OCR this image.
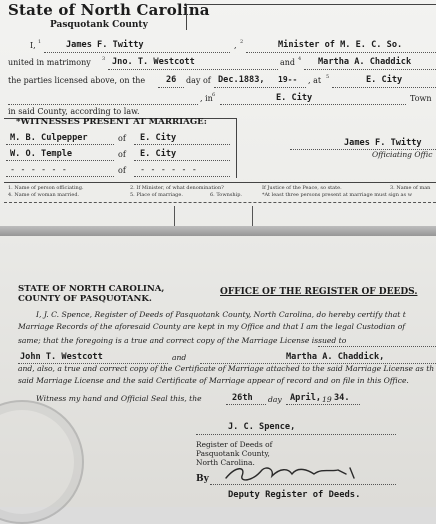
State of North Carolina
Pasquotank County
I, 1	James F. Twitty	, 2	Minister of M. E. C. So.
united in matrimony 3 Jno. T. Westcott	and 4 Martha A. Chaddick
the parties licensed above, on the 26 day of Dec.1883, 19-- , at 5	E. City
, in 6	E. City	Town
in said County, according to law.
*WITNESSES PRESENT AT MARRIAGE:
M. B. Culpepper	of E. City
W. O. Temple	of E. City
- - - - - -	of - - - - - -
James F. Twitty
Officiating Offic
1. Name of person officiating.	2. If Minister, of what denomination?	If Justice of the Peace, so state.	3. Name of man
4. Name of woman married.	5. Place of marriage.	6. Township.	*At least three persons present at marriage must sign as w
STATE OF NORTH CAROLINA,
COUNTY OF PASQUOTANK.
OFFICE OF THE REGISTER OF DEEDS.
I, J. C. Spence, Register of Deeds of Pasquotank County, North Carolina, do hereby certify that t
Marriage Records of the aforesaid County are kept in my Office and that I am the legal Custodian of
same; that the foregoing is a true and correct copy of the Marriage License issued to
John T. Westcott	and	Martha A. Chaddick,
and, also, a true and correct copy of the Certificate of Marriage attached to the said Marriage License as th
said Marriage License and the said Certificate of Marriage appear of record and on file in this Office.
Witness my hand and Official Seal this, the	26th day April, 19 34.
J. C. Spence,
Register of Deeds of
Pasquotank County,
North Carolina.
By
Deputy Register of Deeds.
